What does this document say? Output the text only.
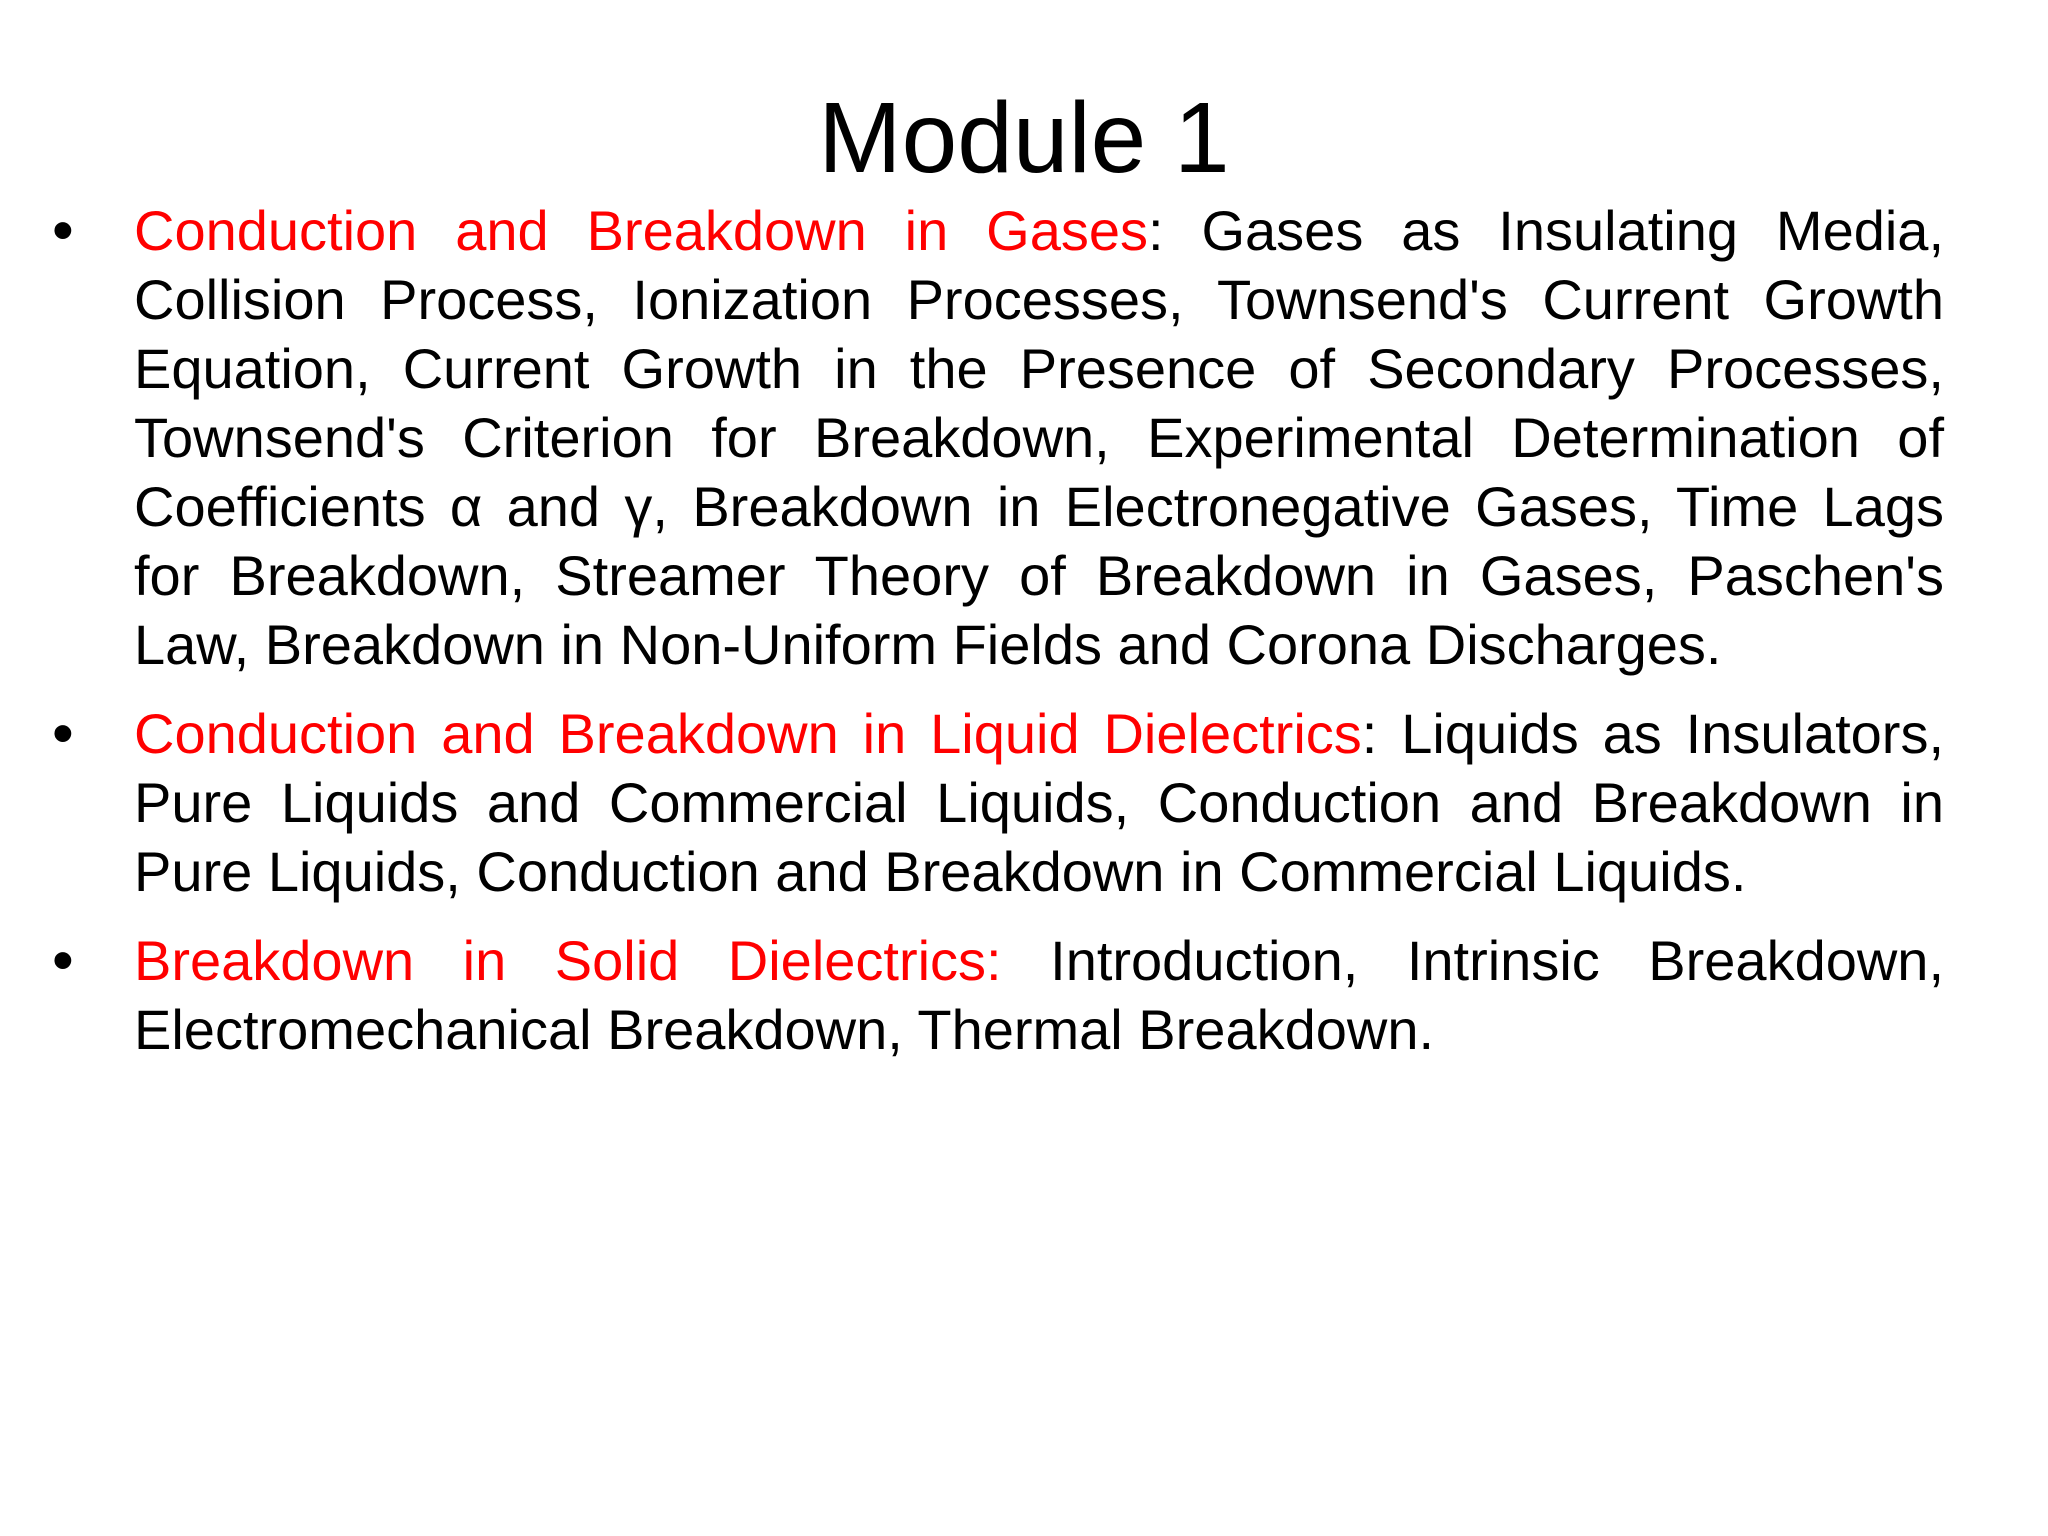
Module 1
• Conduction and Breakdown in Gases: Gases as Insulating Media, Collision Process, Ionization Processes, Townsend's Current Growth Equation, Current Growth in the Presence of Secondary Processes, Townsend's Criterion for Breakdown, Experimental Determination of Coefficients α and γ, Breakdown in Electronegative Gases, Time Lags for Breakdown, Streamer Theory of Breakdown in Gases, Paschen's Law, Breakdown in Non-Uniform Fields and Corona Discharges.
• Conduction and Breakdown in Liquid Dielectrics: Liquids as Insulators, Pure Liquids and Commercial Liquids, Conduction and Breakdown in Pure Liquids, Conduction and Breakdown in Commercial Liquids.
• Breakdown in Solid Dielectrics: Introduction, Intrinsic Breakdown, Electromechanical Breakdown, Thermal Breakdown.
